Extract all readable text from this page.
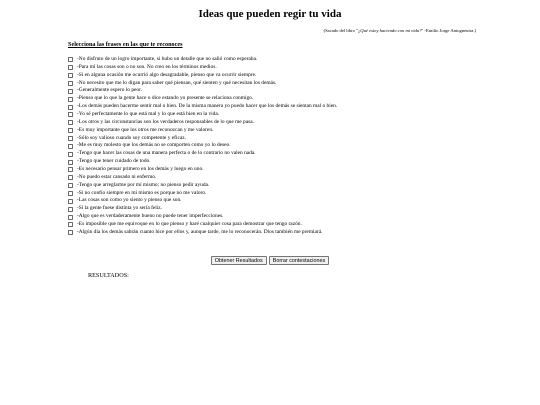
Ideas que pueden regir tu vida
(Sacado del libro "¿Qué estoy haciendo con mi vida?" -Emilio Jorge Antogneutra.)
Selecciona las frases en las que te reconoces
-No disfruto de un logro importante, si hubo un detalle que no salió como esperaba.
-Para mí las cosas son o no son. No creo en los términos medios.
-Si en alguna ocasión me ocurrió algo desagradable, pienso que va ocurrir siempre.
-No necesito que me lo digan para saber qué piensan, qué sienten y qué necesitan los demás.
-Generalmente espero lo peor.
-Pienso que lo que la gente hace o dice estando yo presente se relaciona conmigo.
-Los demás pueden hacerme sentir mal o bien. De la misma manera yo puedo hacer que los demás se sientan mal o bien.
-Yo sé perfectamente lo que está mal y lo que está bien en la vida.
-Los otros y las circunstancias son los verdaderos responsables de lo que me pasa.
-Es muy importante que los otros me reconozcan y me valoren.
-Sólo soy valioso cuando soy competente y eficaz.
-Me es muy molesto que los demás no se comporten como yo lo deseo.
-Tengo que hacer las cosas de una manera perfecta o de lo contrario no valen nada.
-Tengo que tener cuidado de todo.
-Es necesario pensar primero en los demás y luego en uno.
-No puedo estar cansado ni enfermo.
-Tengo que arreglarme por mí mismo; no pienso pedir ayuda.
-Si no confío siempre en mí mismo es porque no me valoro.
-Las cosas son como yo siento y pienso que son.
-Si la gente fuese distinta yo sería feliz.
-Algo que es verdaderamente bueno no puede tener imperfecciones.
-Es imposible que me equivoque en lo que pienso y haré cualquier cosa para demostrar que tengo razón.
-Algún día los demás sabrán cuanto hice por ellos y, aunque tarde, me lo reconocerán. Dios también me premiará.
Obtener Resultados	Borrar contestaciones
RESULTADOS:
